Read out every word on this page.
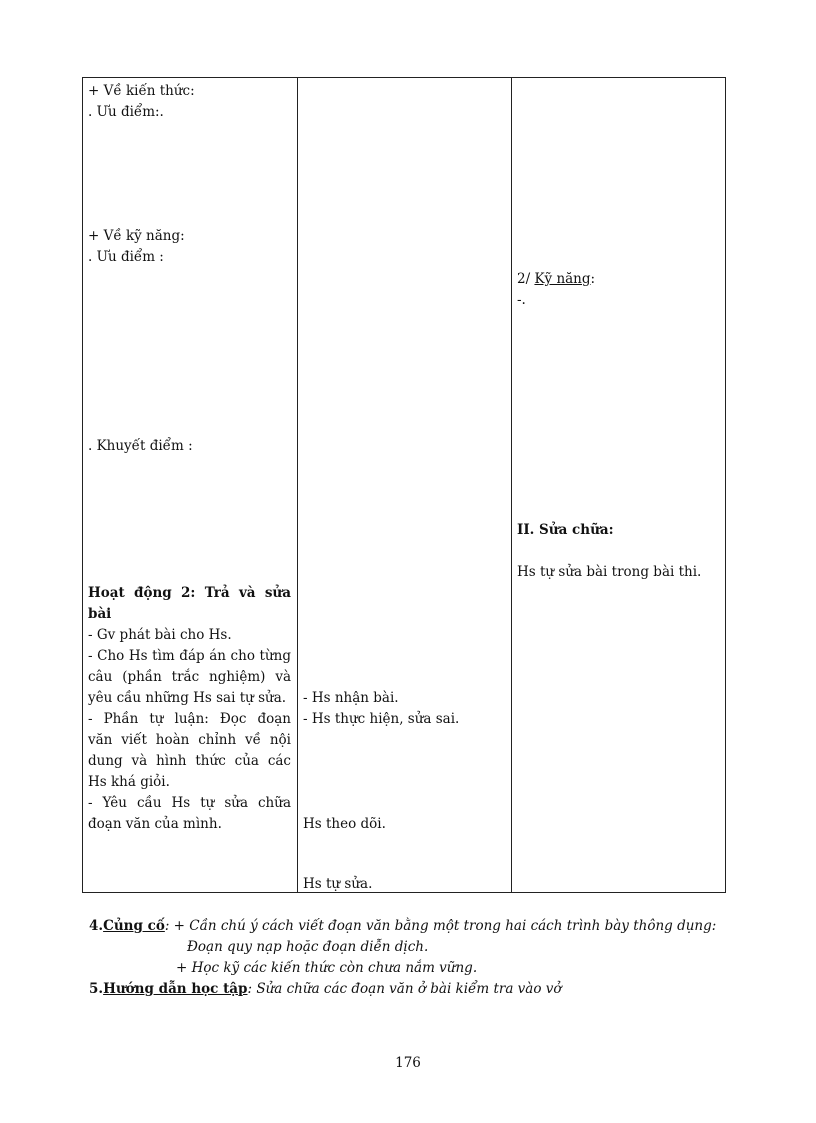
+ Về kiến thức:
. Ưu điểm:.
+ Về kỹ năng:
. Ưu điểm :
. Khuyết điểm :
Hoạt động 2: Trả và sửa
bài
- Gv phát bài cho Hs.
- Cho Hs tìm đáp án cho từng
câu (phần trắc nghiệm) và
yêu cầu những Hs sai tự sửa.
- Phần tự luận: Đọc đoạn
văn viết hoàn chỉnh về nội
dung và hình thức của các
Hs khá giỏi.
- Yêu cầu Hs tự sửa chữa
đoạn văn của mình.
- Hs nhận bài.
- Hs thực hiện, sửa sai.
Hs theo dõi.
Hs tự sửa.
2/ Kỹ năng:
-.
II. Sửa chữa:
Hs tự sửa bài trong bài thi.
4.Củng cố: + Cần chú ý cách viết đoạn văn bằng một trong hai cách trình bày thông dụng:
Đoạn quy nạp hoặc đoạn diễn dịch.
+ Học kỹ các kiến thức còn chưa nắm vững.
5.Hướng dẫn học tập: Sửa chữa các đoạn văn ở bài kiểm tra vào vở
176
